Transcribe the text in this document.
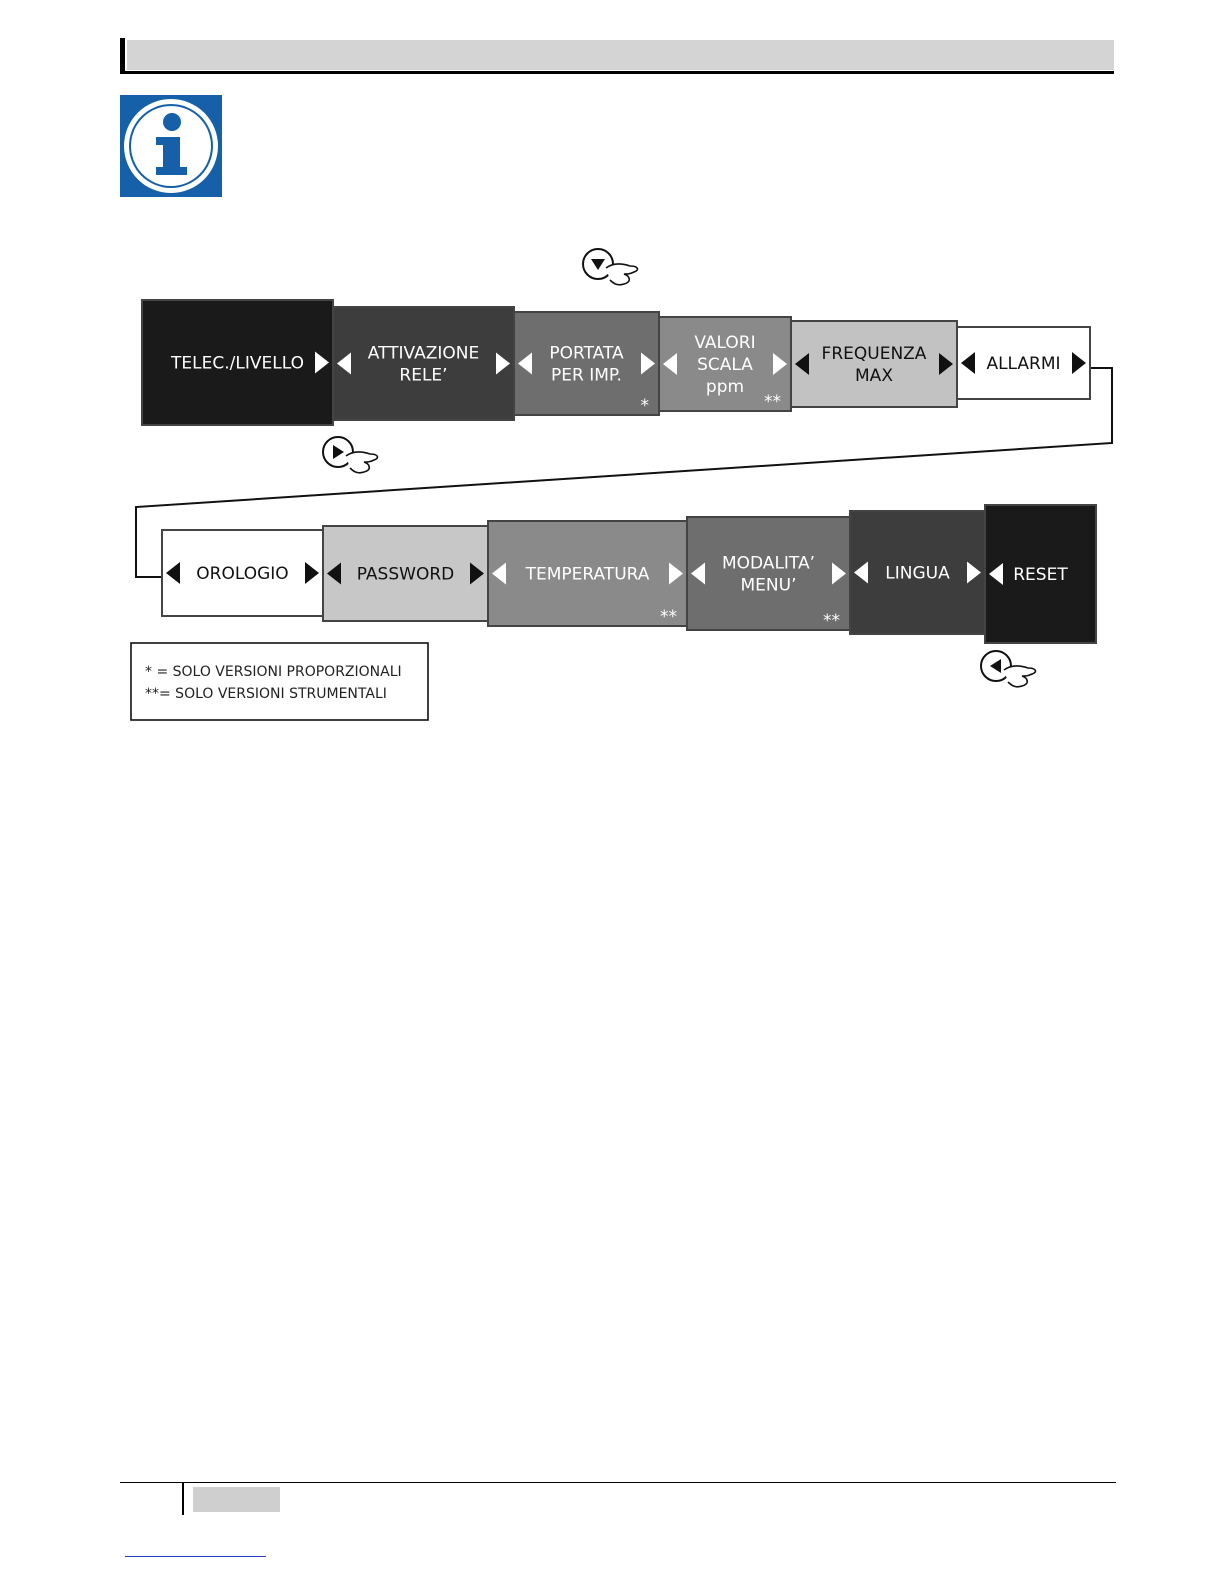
TELEC./LIVELLO	ATTIVAZIONE
RELE’
PORTATA
PER IMP.
*
VALORI
SCALA
ppm
**
FREQUENZA
MAX
ALLARMI
OROLOGIO	PASSWORD	TEMPERATURA
**
MODALITA’
MENU’
**
LINGUA	RESET
* = SOLO VERSIONI PROPORZIONALI
**= SOLO VERSIONI STRUMENTALI
